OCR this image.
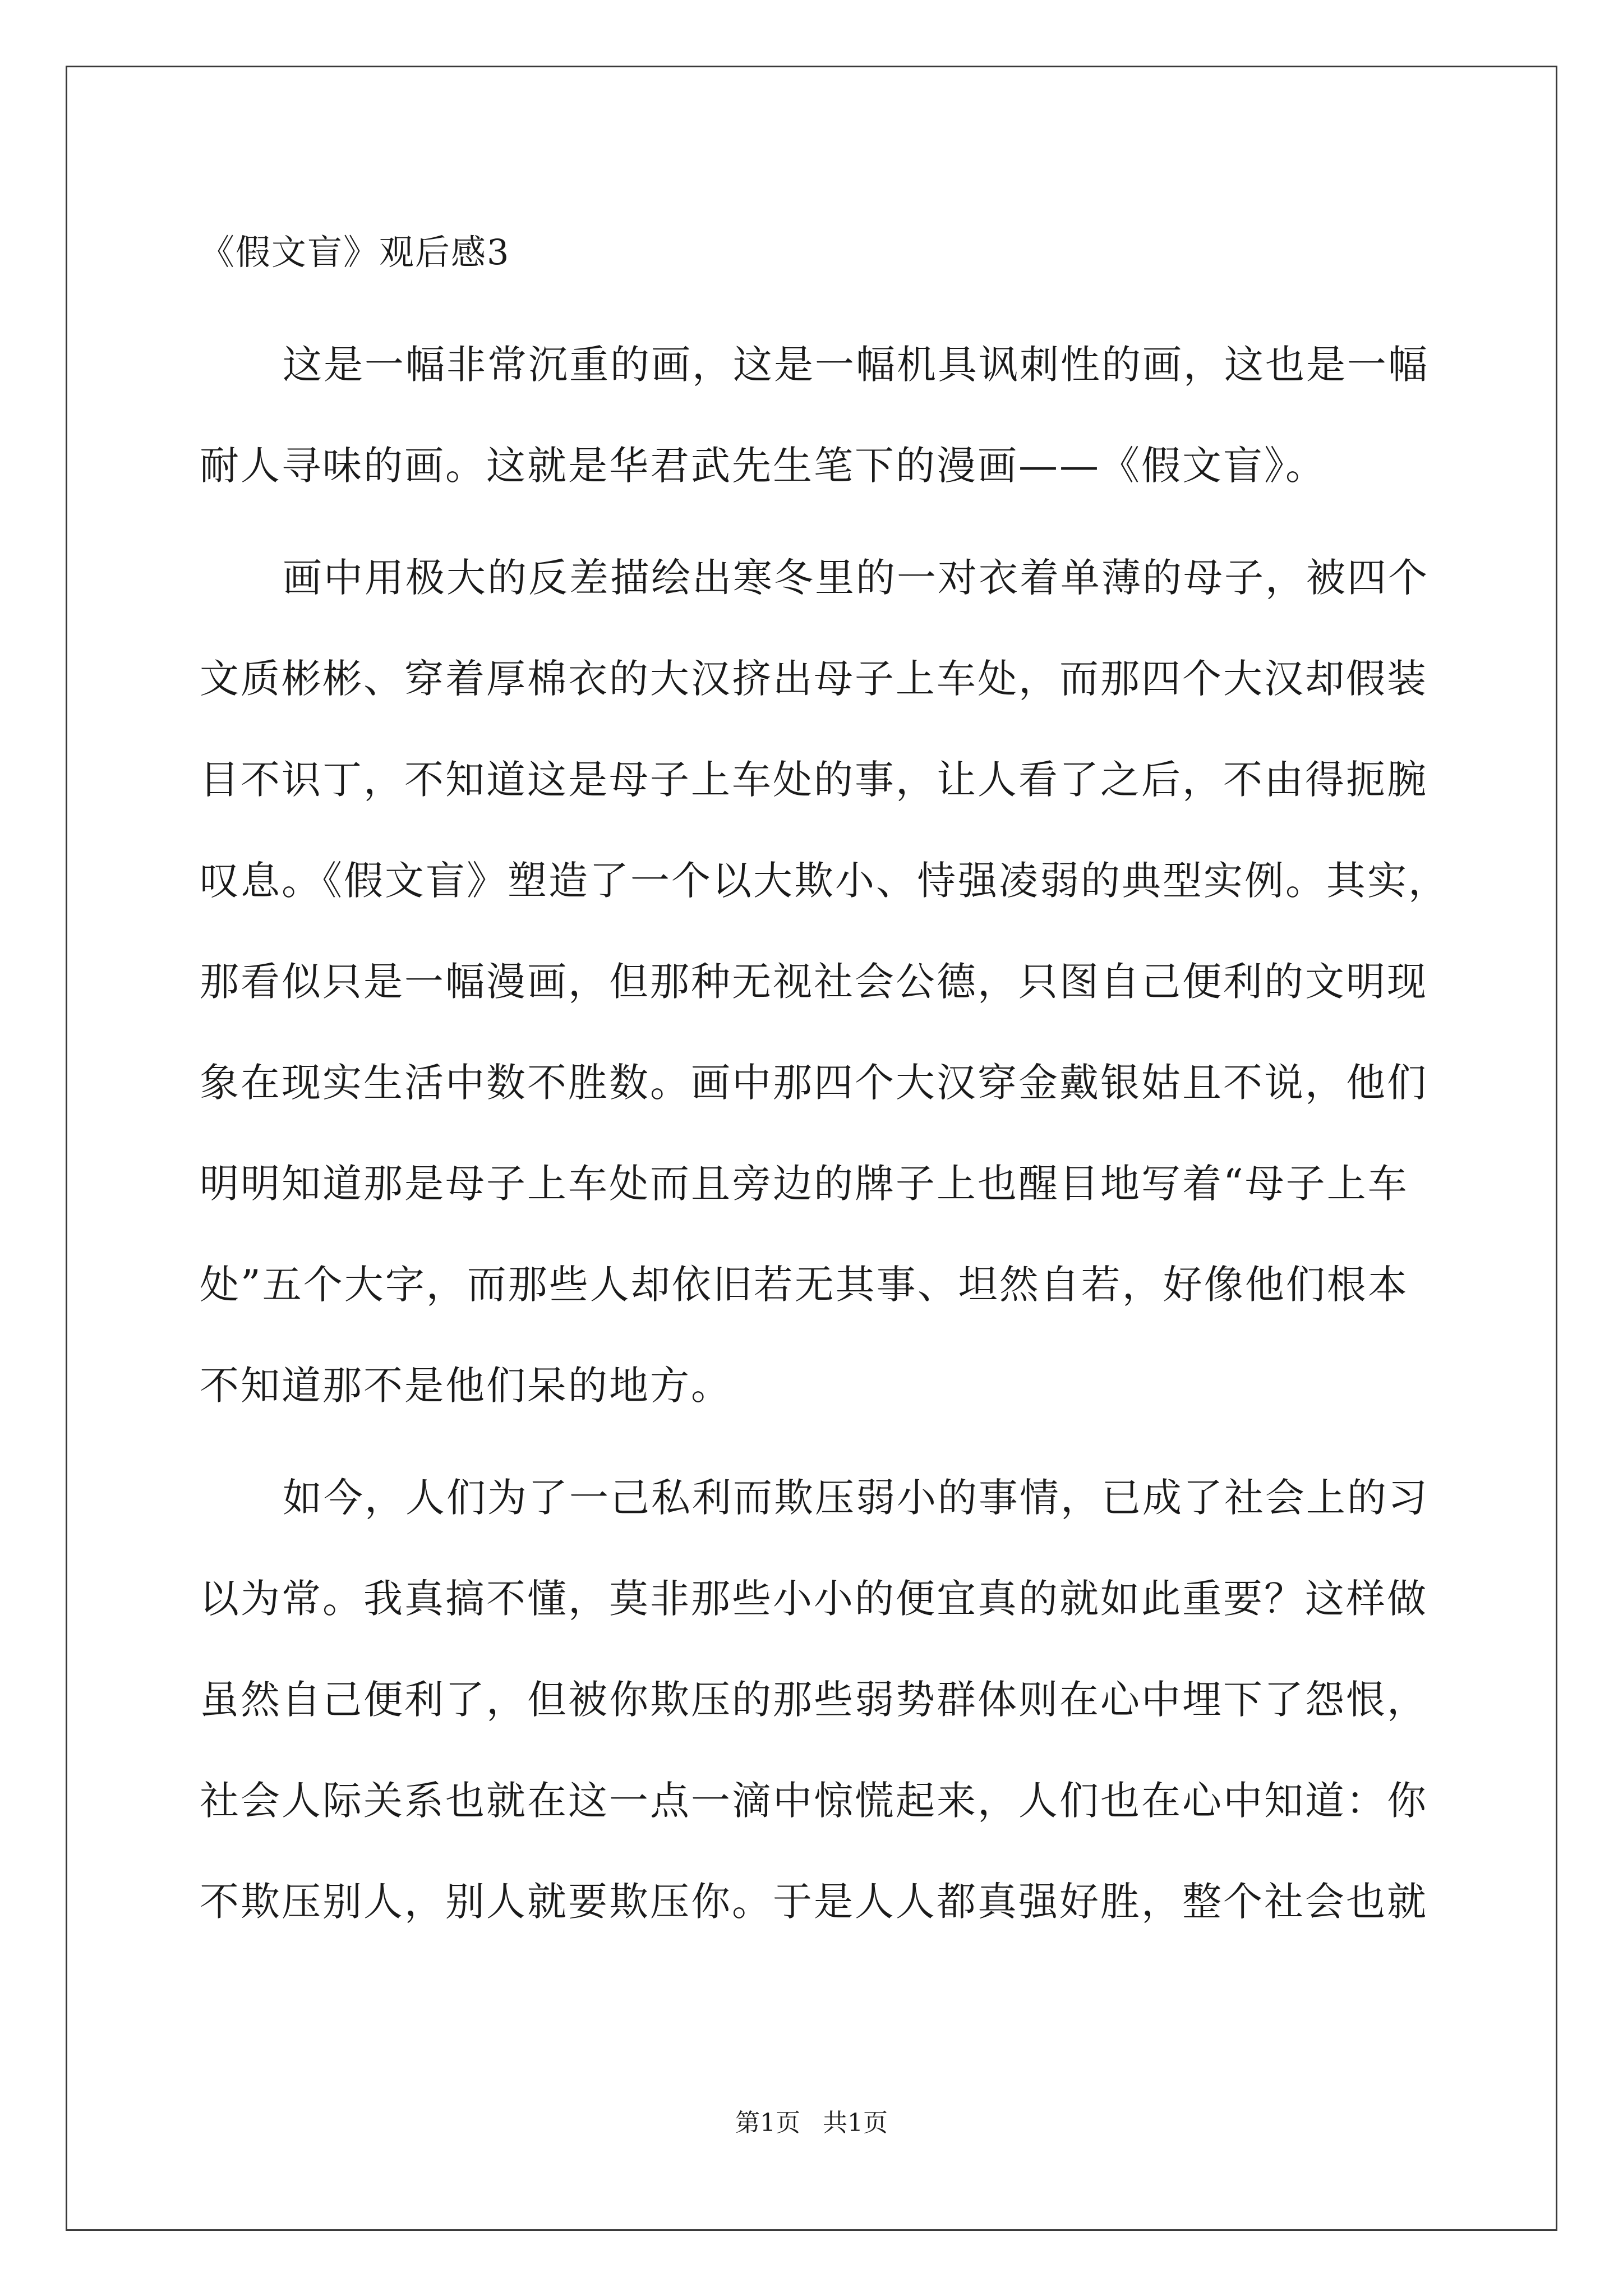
《假文盲》观后感3
这是一幅非常沉重的画，这是一幅机具讽刺性的画，这也是一幅
耐人寻味的画。这就是华君武先生笔下的漫画——《假文盲》。
画中用极大的反差描绘出寒冬里的一对衣着单薄的母子，被四个
文质彬彬、穿着厚棉衣的大汉挤出母子上车处，而那四个大汉却假装
目不识丁，不知道这是母子上车处的事，让人看了之后，不由得扼腕
叹息。《假文盲》塑造了一个以大欺小、恃强凌弱的典型实例。其实，
那看似只是一幅漫画，但那种无视社会公德，只图自己便利的文明现
象在现实生活中数不胜数。画中那四个大汉穿金戴银姑且不说，他们
明明知道那是母子上车处而且旁边的牌子上也醒目地写着“母子上车
处”五个大字，而那些人却依旧若无其事、坦然自若，好像他们根本
不知道那不是他们呆的地方。
如今，人们为了一己私利而欺压弱小的事情，已成了社会上的习
以为常。我真搞不懂，莫非那些小小的便宜真的就如此重要？这样做
虽然自己便利了，但被你欺压的那些弱势群体则在心中埋下了怨恨，
社会人际关系也就在这一点一滴中惊慌起来，人们也在心中知道：你
不欺压别人，别人就要欺压你。于是人人都真强好胜，整个社会也就
第1页 共1页
